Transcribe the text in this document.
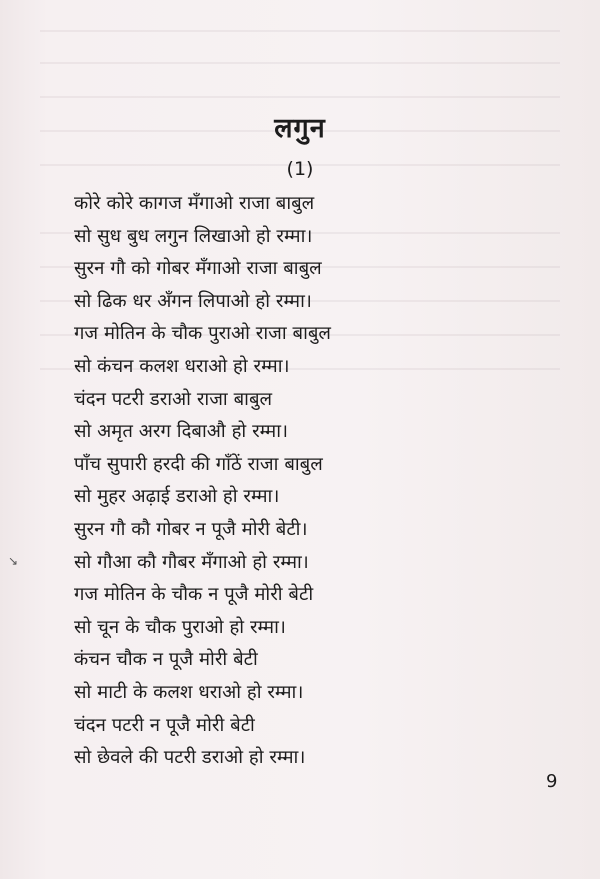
लगुन
(1)
कोरे कोरे कागज मँगाओ राजा बाबुल
सो सुध बुध लगुन लिखाओ हो रम्मा।
सुरन गौ को गोबर मँगाओ राजा बाबुल
सो ढिक धर अँगन लिपाओ हो रम्मा।
गज मोतिन के चौक पुराओ राजा बाबुल
सो कंचन कलश धराओ हो रम्मा।
चंदन पटरी डराओ राजा बाबुल
सो अमृत अरग दिबाऔ हो रम्मा।
पाँच सुपारी हरदी की गाँठें राजा बाबुल
सो मुहर अढ़ाई डराओ हो रम्मा।
सुरन गौ कौ गोबर न पूजै मोरी बेटी।
सो गौआ कौ गौबर मँगाओ हो रम्मा।
गज मोतिन के चौक न पूजै मोरी बेटी
सो चून के चौक पुराओ हो रम्मा।
कंचन चौक न पूजै मोरी बेटी
सो माटी के कलश धराओ हो रम्मा।
चंदन पटरी न पूजै मोरी बेटी
सो छेवले की पटरी डराओ हो रम्मा।
↘
9
